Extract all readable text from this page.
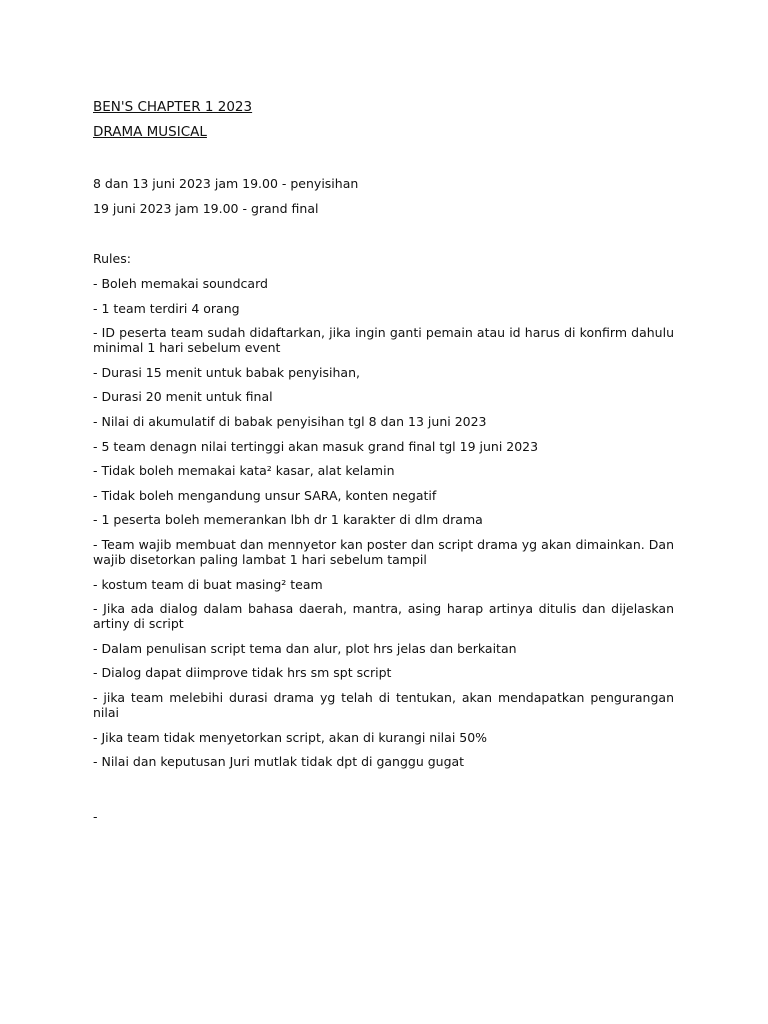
BEN'S CHAPTER 1 2023
DRAMA MUSICAL
8 dan 13 juni 2023 jam 19.00 - penyisihan
19 juni 2023 jam 19.00 - grand final
Rules:
- Boleh memakai soundcard
- 1 team terdiri 4 orang
- ID peserta team sudah didaftarkan, jika ingin ganti pemain atau id harus di konfirm dahulu minimal 1 hari sebelum event
- Durasi 15 menit untuk babak penyisihan,
- Durasi 20 menit untuk final
- Nilai di akumulatif di babak penyisihan tgl 8 dan 13 juni 2023
- 5 team denagn nilai tertinggi akan masuk grand final tgl 19 juni 2023
- Tidak boleh memakai kata² kasar, alat kelamin
- Tidak boleh mengandung unsur SARA, konten negatif
- 1 peserta boleh memerankan lbh dr 1 karakter di dlm drama
- Team wajib membuat dan mennyetor kan poster dan script drama yg akan dimainkan. Dan wajib disetorkan paling lambat 1 hari sebelum tampil
- kostum team di buat masing² team
- Jika ada dialog dalam bahasa daerah, mantra, asing harap artinya ditulis dan dijelaskan artiny di script
- Dalam penulisan script tema dan alur, plot hrs jelas dan berkaitan
- Dialog dapat diimprove tidak hrs sm spt script
- jika team melebihi durasi drama yg telah di tentukan, akan mendapatkan pengurangan nilai
- Jika team tidak menyetorkan script, akan di kurangi nilai 50%
- Nilai dan keputusan Juri mutlak tidak dpt di ganggu gugat
-
